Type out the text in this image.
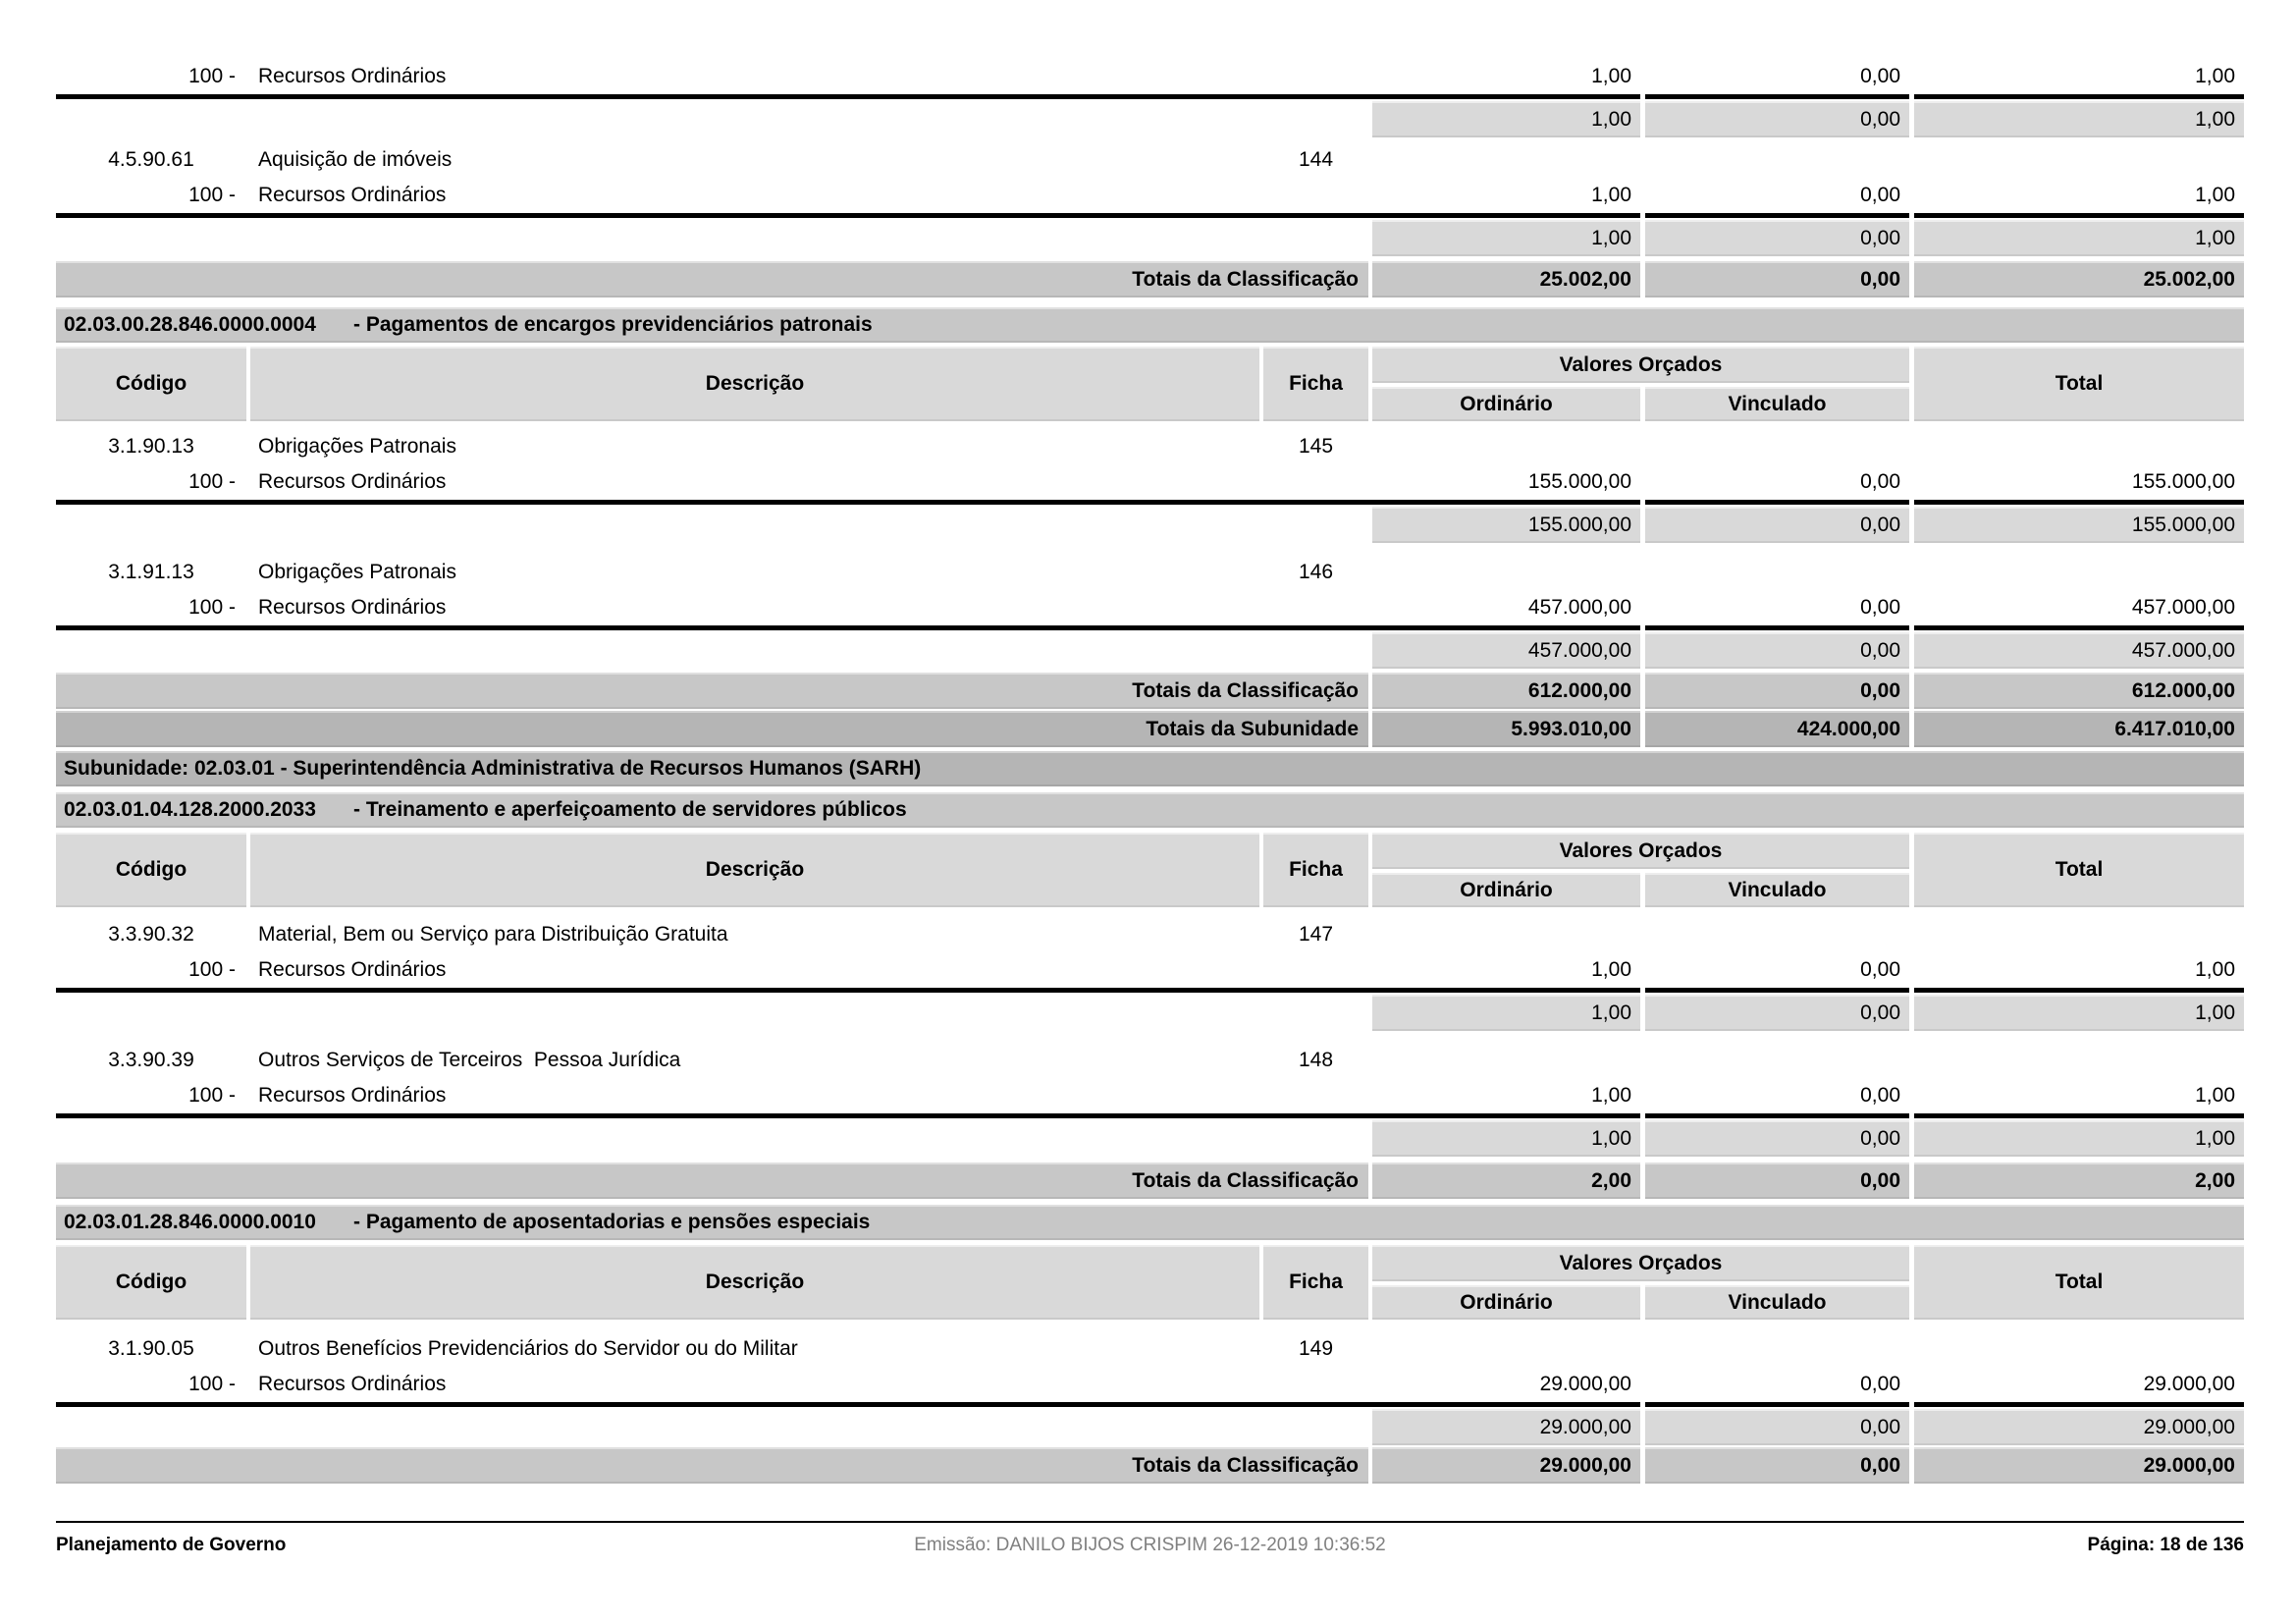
100 -	Recursos Ordinários	1,00	0,00	1,00
1,00	0,00	1,00
4.5.90.61	Aquisição de imóveis	144
100 -	Recursos Ordinários	1,00	0,00	1,00
1,00	0,00	1,00
Totais da Classificação	25.002,00	0,00	25.002,00
02.03.00.28.846.0000.0004	- Pagamentos de encargos previdenciários patronais
Código	Descrição	Ficha
Valores Orçados
Ordinário	Vinculado
Total
3.1.90.13	Obrigações Patronais	145
100 -	Recursos Ordinários	155.000,00	0,00	155.000,00
155.000,00	0,00	155.000,00
3.1.91.13	Obrigações Patronais	146
100 -	Recursos Ordinários	457.000,00	0,00	457.000,00
457.000,00	0,00	457.000,00
Totais da Classificação	612.000,00	0,00	612.000,00
Totais da Subunidade	5.993.010,00	424.000,00	6.417.010,00
Subunidade: 02.03.01 - Superintendência Administrativa de Recursos Humanos (SARH)
02.03.01.04.128.2000.2033	- Treinamento e aperfeiçoamento de servidores públicos
Código	Descrição	Ficha
Valores Orçados
Ordinário	Vinculado
Total
3.3.90.32	Material, Bem ou Serviço para Distribuição Gratuita	147
100 -	Recursos Ordinários	1,00	0,00	1,00
1,00	0,00	1,00
3.3.90.39	Outros Serviços de Terceiros  Pessoa Jurídica	148
100 -	Recursos Ordinários	1,00	0,00	1,00
1,00	0,00	1,00
Totais da Classificação	2,00	0,00	2,00
02.03.01.28.846.0000.0010	- Pagamento de aposentadorias e pensões especiais
Código	Descrição	Ficha
Valores Orçados
Ordinário	Vinculado
Total
3.1.90.05	Outros Benefícios Previdenciários do Servidor ou do Militar	149
100 -	Recursos Ordinários	29.000,00	0,00	29.000,00
29.000,00	0,00	29.000,00
Totais da Classificação	29.000,00	0,00	29.000,00
Planejamento de Governo	Emissão: DANILO BIJOS CRISPIM 26-12-2019 10:36:52	Página: 18 de 136
